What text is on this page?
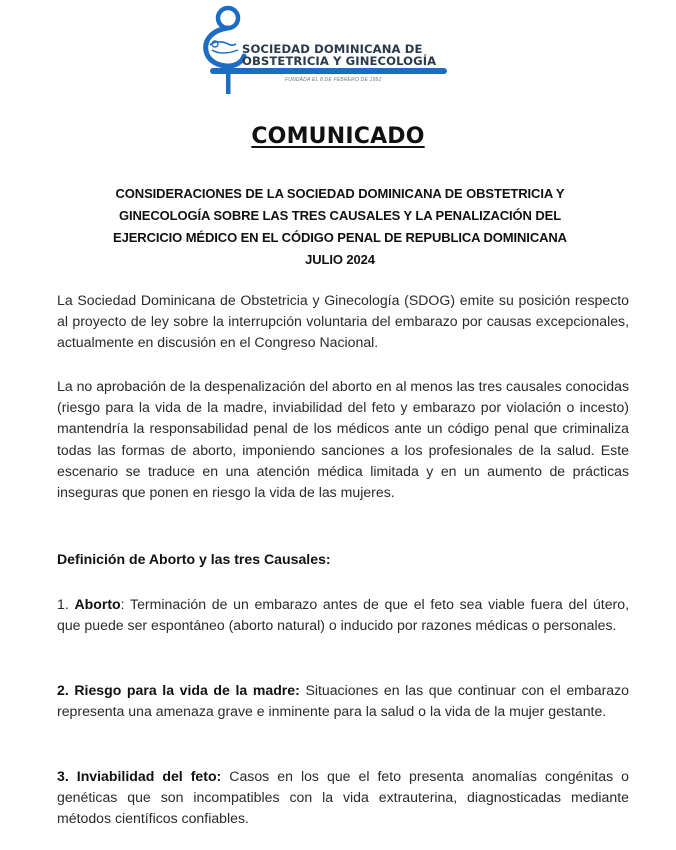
SOCIEDAD DOMINICANA DE
OBSTETRICIA Y GINECOLOGÍA
FUNDADA EL 8 DE FEBRERO DE 1951
COMUNICADO
CONSIDERACIONES DE LA SOCIEDAD DOMINICANA DE OBSTETRICIA Y
GINECOLOGÍA SOBRE LAS TRES CAUSALES Y LA PENALIZACIÓN DEL
EJERCICIO MÉDICO EN EL CÓDIGO PENAL DE REPUBLICA DOMINICANA
JULIO 2024

La Sociedad Dominicana de Obstetricia y Ginecología (SDOG) emite su posición respecto al proyecto de ley sobre la interrupción voluntaria del embarazo por causas excepcionales, actualmente en discusión en el Congreso Nacional.

La no aprobación de la despenalización del aborto en al menos las tres causales conocidas (riesgo para la vida de la madre, inviabilidad del feto y embarazo por violación o incesto) mantendría la responsabilidad penal de los médicos ante un código penal que criminaliza todas las formas de aborto, imponiendo sanciones a los profesionales de la salud. Este escenario se traduce en una atención médica limitada y en un aumento de prácticas inseguras que ponen en riesgo la vida de las mujeres.

Definición de Aborto y las tres Causales:

1. Aborto: Terminación de un embarazo antes de que el feto sea viable fuera del útero, que puede ser espontáneo (aborto natural) o inducido por razones médicas o personales.

2. Riesgo para la vida de la madre: Situaciones en las que continuar con el embarazo representa una amenaza grave e inminente para la salud o la vida de la mujer gestante.

3. Inviabilidad del feto: Casos en los que el feto presenta anomalías congénitas o genéticas que son incompatibles con la vida extrauterina, diagnosticadas mediante métodos científicos confiables.
